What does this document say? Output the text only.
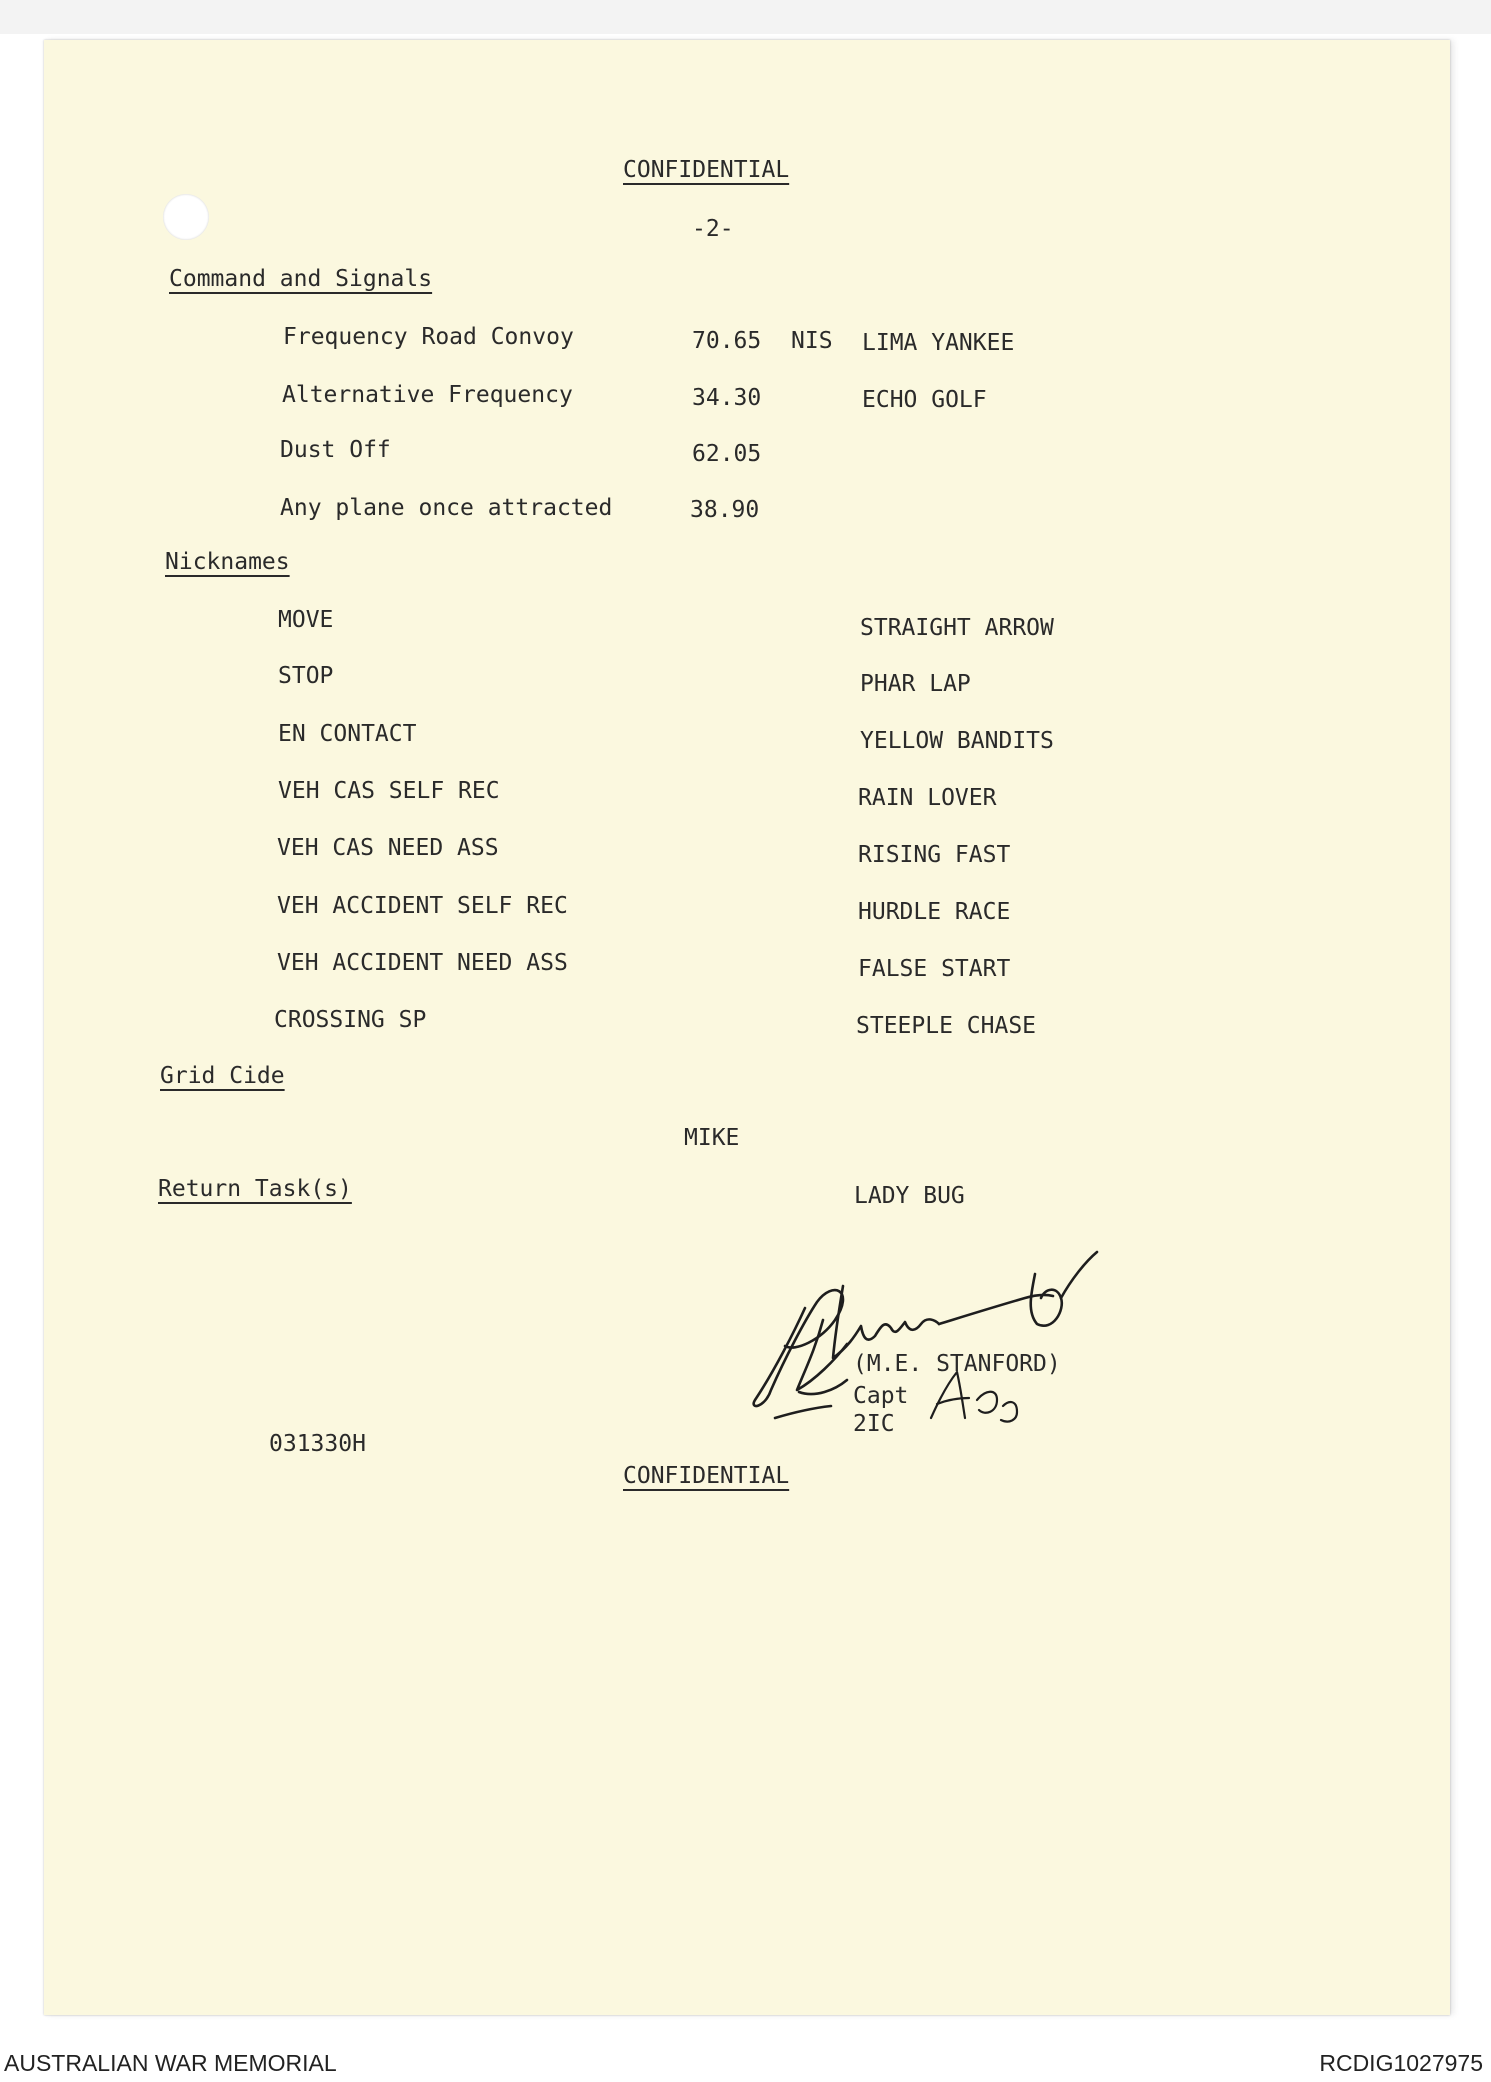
CONFIDENTIAL
-2-
Command and Signals
Frequency Road Convoy	70.65 NIS LIMA YANKEE
Alternative Frequency	34.30	ECHO GOLF
Dust Off	62.05
Any plane once attracted	38.90
Nicknames
MOVE	STRAIGHT ARROW
STOP	PHAR LAP
EN CONTACT	YELLOW BANDITS
VEH CAS SELF REC	RAIN LOVER
VEH CAS NEED ASS	RISING FAST
VEH ACCIDENT SELF REC	HURDLE RACE
VEH ACCIDENT NEED ASS	FALSE START
CROSSING SP	STEEPLE CHASE
Grid Cide
MIKE
Return Task(s)	LADY BUG
(M.E. STANFORD)
Capt
2IC
031330H
CONFIDENTIAL
AUSTRALIAN WAR MEMORIAL	RCDIG1027975
